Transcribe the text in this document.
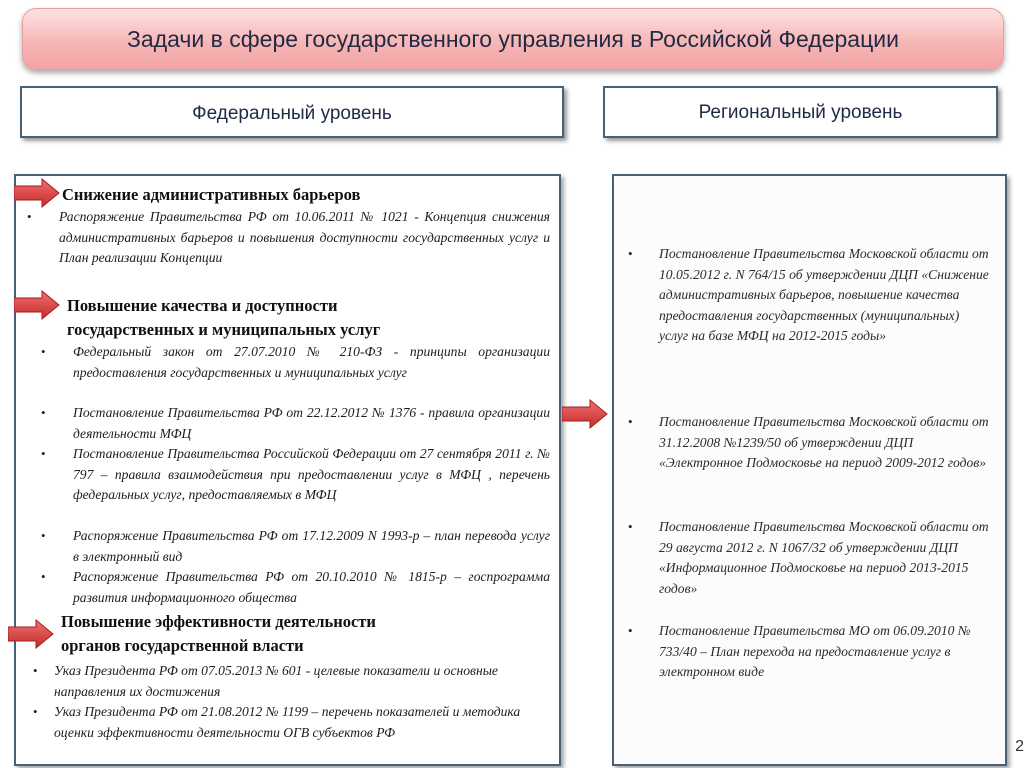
Задачи в сфере государственного управления в Российской Федерации
Федеральный уровень	Региональный уровень
Снижение административных барьеров
• Распоряжение Правительства РФ от 10.06.2011 № 1021 - Концепция снижения административных барьеров и повышения доступности государственных услуг и План реализации Концепции
Повышение качества и доступности
государственных и муниципальных услуг
• Федеральный закон от 27.07.2010 № 210-ФЗ - принципы организации предоставления государственных и муниципальных услуг
• Постановление Правительства РФ от 22.12.2012 № 1376 - правила организации деятельности МФЦ
• Постановление Правительства Российской Федерации от 27 сентября 2011 г. № 797 – правила взаимодействия при предоставлении услуг в МФЦ , перечень федеральных услуг, предоставляемых в МФЦ
• Распоряжение Правительства РФ от 17.12.2009 N 1993-р – план перевода услуг в электронный вид
• Распоряжение Правительства РФ от 20.10.2010 № 1815-р – госпрограмма развития информационного общества
Повышение эффективности деятельности
органов государственной власти
• Указ Президента РФ от 07.05.2013 № 601 - целевые показатели и основные направления их достижения
• Указ Президента РФ от 21.08.2012 № 1199 – перечень показателей и методика оценки эффективности деятельности ОГВ субъектов РФ
• Постановление Правительства Московской области от 10.05.2012 г. N 764/15 об утверждении ДЦП «Снижение административных барьеров, повышение качества предоставления государственных (муниципальных) услуг на базе МФЦ на 2012-2015 годы»
• Постановление Правительства Московской области от 31.12.2008 №1239/50 об утверждении ДЦП «Электронное Подмосковье на период 2009-2012 годов»
• Постановление Правительства Московской области от 29 августа 2012 г. N 1067/32 об утверждении ДЦП «Информационное Подмосковье на период 2013-2015 годов»
• Постановление Правительства МО от 06.09.2010 № 733/40 – План перехода на предоставление услуг в электронном виде
2
